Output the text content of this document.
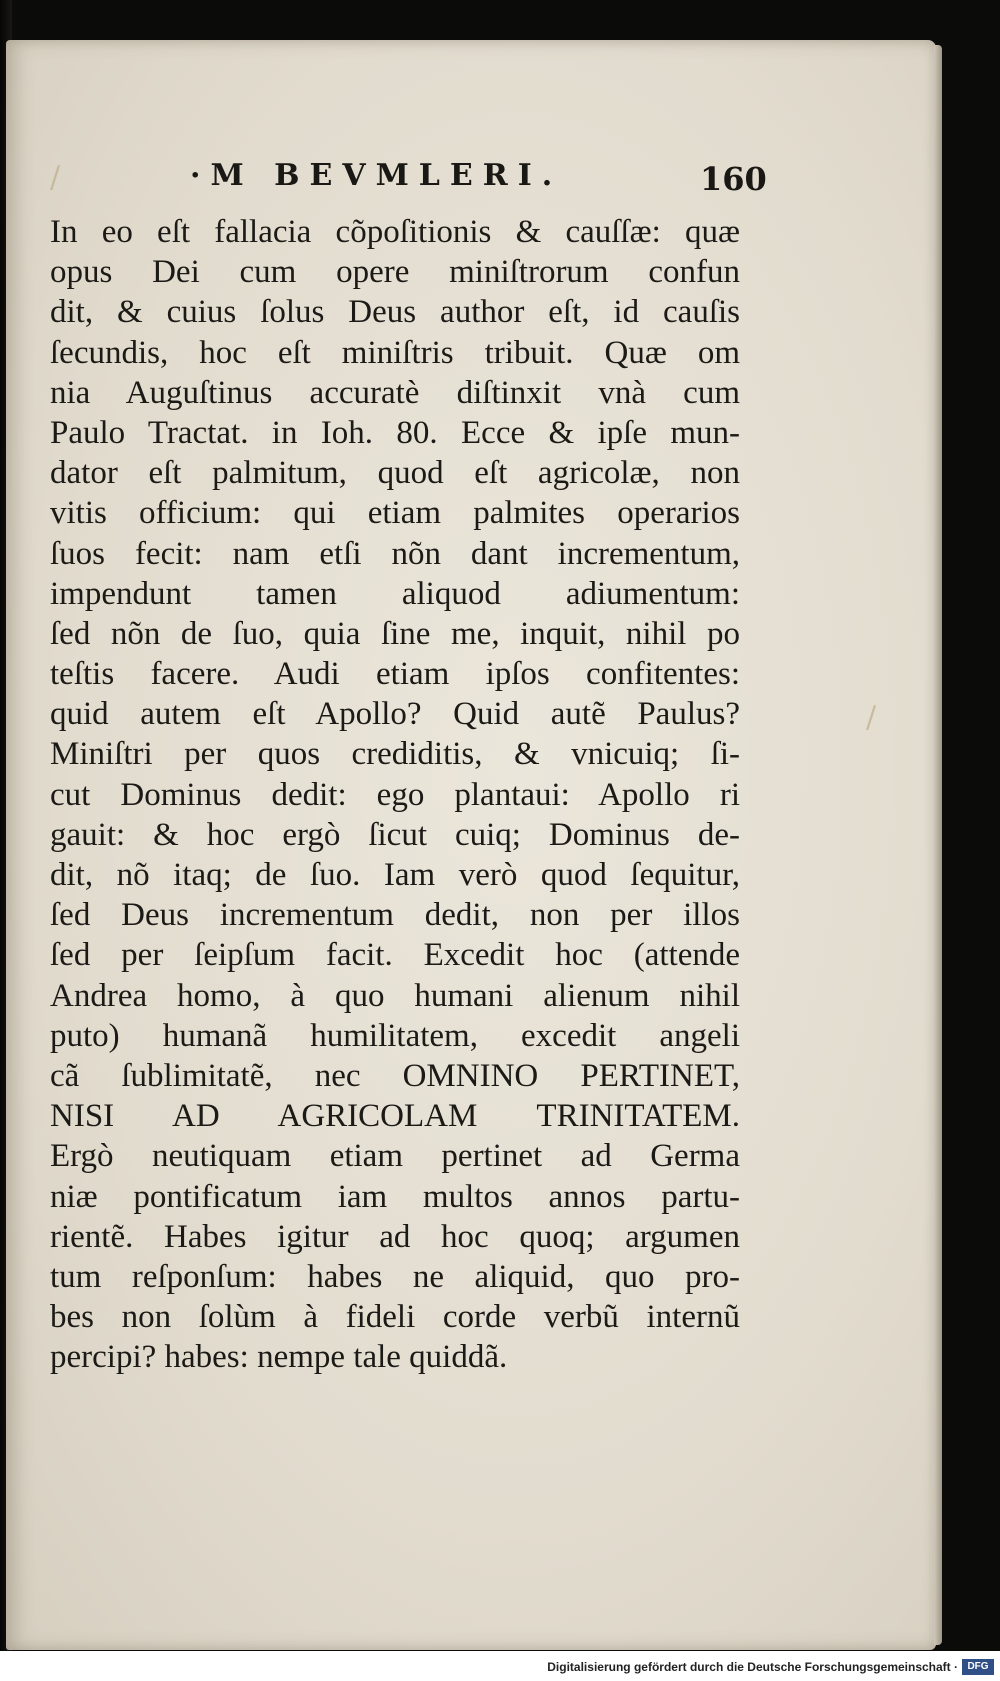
/
/
·M BEVMLERI.	160
In eo eſt fallacia cõpoſitionis & cauſſæ: quæ
opus Dei cum opere miniſtrorum confun
dit, & cuius ſolus Deus author eſt, id cauſis
ſecundis, hoc eſt miniſtris tribuit. Quæ om
nia Auguſtinus accuratè diſtinxit vnà cum
Paulo Tractat. in Ioh. 80. Ecce & ipſe mun-
dator eſt palmitum, quod eſt agricolæ, non
vitis officium: qui etiam palmites operarios
ſuos fecit: nam etſi nõn dant incrementum,
impendunt tamen aliquod adiumentum:
ſed nõn de ſuo, quia ſine me, inquit, nihil po
teſtis facere. Audi etiam ipſos confitentes:
quid autem eſt Apollo? Quid autẽ Paulus?
Miniſtri per quos crediditis, & vnicuiq; ſi-
cut Dominus dedit: ego plantaui: Apollo ri
gauit: & hoc ergò ſicut cuiq; Dominus de-
dit, nõ itaq; de ſuo. Iam verò quod ſequitur,
ſed Deus incrementum dedit, non per illos
ſed per ſeipſum facit. Excedit hoc (attende
Andrea homo, à quo humani alienum nihil
puto) humanã humilitatem, excedit angeli
cã ſublimitatẽ, nec OMNINO PERTINET,
NISI AD AGRICOLAM TRINITATEM.
Ergò neutiquam etiam pertinet ad Germa
niæ pontificatum iam multos annos partu-
rientẽ. Habes igitur ad hoc quoq; argumen
tum reſponſum: habes ne aliquid, quo pro-
bes non ſolùm à fideli corde verbũ internũ
percipi? habes: nempe tale quiddã.
Digitalisierung gefördert durch die Deutsche Forschungsgemeinschaft · DFG
